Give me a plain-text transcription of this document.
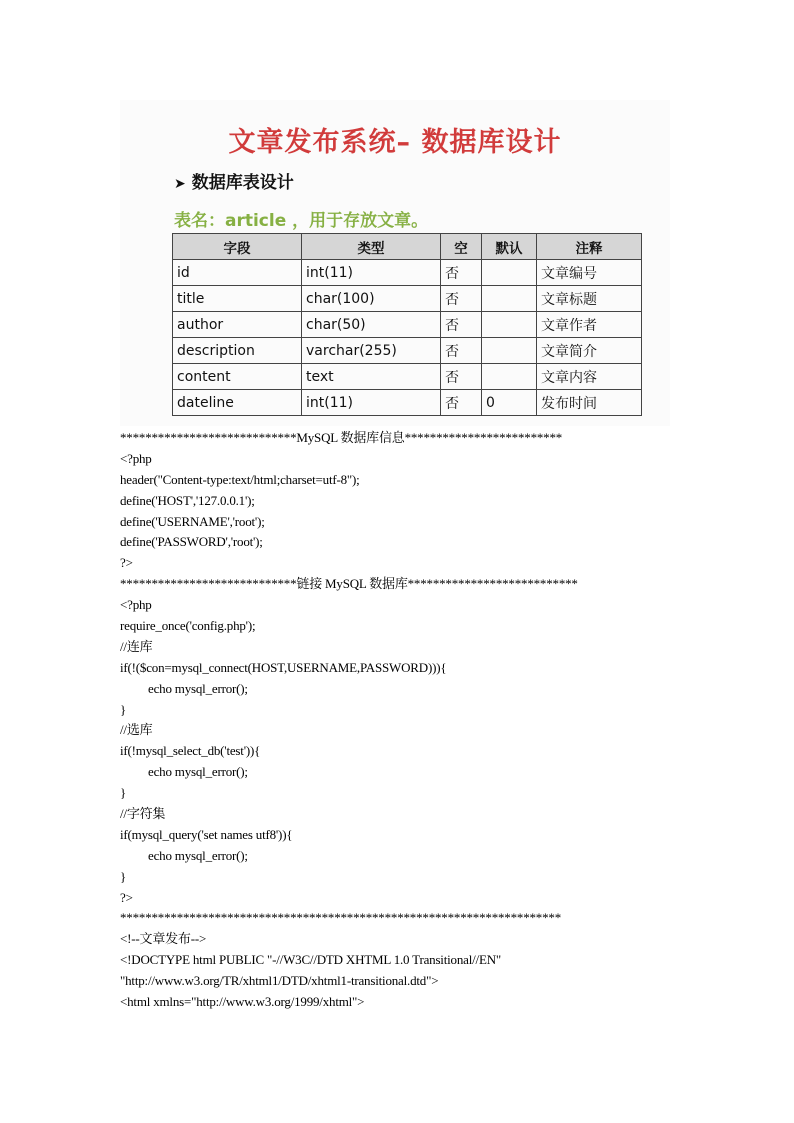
文章发布系统– 数据库设计
➤ 数据库表设计
表名：article ，用于存放文章。
字段	类型	空	默认	注释
id	int(11)	否		文章编号
title	char(100)	否		文章标题
author	char(50)	否		文章作者
description	varchar(255)	否		文章简介
content	text	否		文章内容
dateline	int(11)	否	0	发布时间
****************************MySQL 数据库信息*************************
<?php
header("Content-type:text/html;charset=utf-8");
define('HOST','127.0.0.1');
define('USERNAME','root');
define('PASSWORD','root');
?>
****************************链接 MySQL 数据库***************************
<?php
require_once('config.php');
//连库
if(!($con=mysql_connect(HOST,USERNAME,PASSWORD))){
echo mysql_error();
}
//选库
if(!mysql_select_db('test')){
echo mysql_error();
}
//字符集
if(mysql_query('set names utf8')){
echo mysql_error();
}
?>
**********************************************************************
<!--文章发布-->
<!DOCTYPE html PUBLIC "-//W3C//DTD XHTML 1.0 Transitional//EN"
"http://www.w3.org/TR/xhtml1/DTD/xhtml1-transitional.dtd">
<html xmlns="http://www.w3.org/1999/xhtml">
